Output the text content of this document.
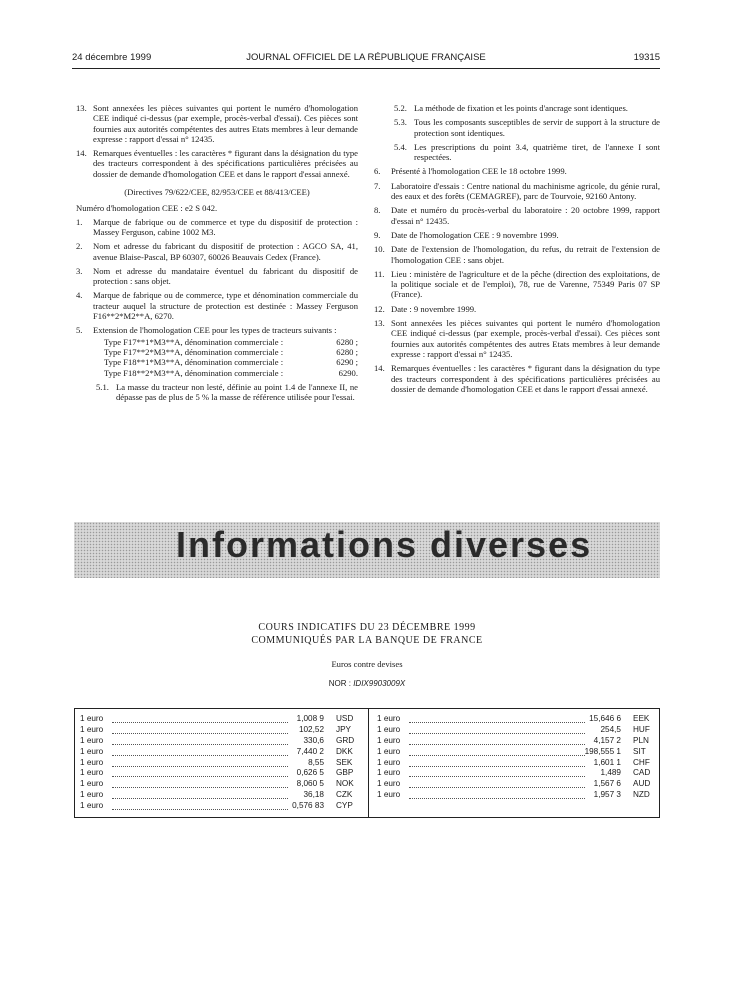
24 décembre 1999	JOURNAL OFFICIEL DE LA RÉPUBLIQUE FRANÇAISE	19315

13. Sont annexées les pièces suivantes qui portent le numéro d'homologation CEE indiqué ci-dessus (par exemple, procès-verbal d'essai). Ces pièces sont fournies aux autorités compétentes des autres Etats membres à leur demande expresse : rapport d'essai n° 12435.

14. Remarques éventuelles : les caractères * figurant dans la désignation du type des tracteurs correspondent à des spécifications particulières précisées au dossier de demande d'homologation CEE et dans le rapport d'essai annexé.

(Directives 79/622/CEE, 82/953/CEE et 88/413/CEE)

Numéro d'homologation CEE : e2 S 042.

1. Marque de fabrique ou de commerce et type du dispositif de protection : Massey Ferguson, cabine 1002 M3.

2. Nom et adresse du fabricant du dispositif de protection : AGCO SA, 41, avenue Blaise-Pascal, BP 60307, 60026 Beauvais Cedex (France).

3. Nom et adresse du mandataire éventuel du fabricant du dispositif de protection : sans objet.

4. Marque de fabrique ou de commerce, type et dénomination commerciale du tracteur auquel la structure de protection est destinée : Massey Ferguson F16**2*M2**A, 6270.

5. Extension de l'homologation CEE pour les types de tracteurs suivants :

Type F17**1*M3**A, dénomination commerciale :	6280 ;
Type F17**2*M3**A, dénomination commerciale :	6280 ;
Type F18**1*M3**A, dénomination commerciale :	6290 ;
Type F18**2*M3**A, dénomination commerciale :	6290.

5.1. La masse du tracteur non lesté, définie au point 1.4 de l'annexe II, ne dépasse pas de plus de 5 % la masse de référence utilisée pour l'essai.

5.2. La méthode de fixation et les points d'ancrage sont identiques.

5.3. Tous les composants susceptibles de servir de support à la structure de protection sont identiques.

5.4. Les prescriptions du point 3.4, quatrième tiret, de l'annexe I sont respectées.

6. Présenté à l'homologation CEE le 18 octobre 1999.

7. Laboratoire d'essais : Centre national du machinisme agricole, du génie rural, des eaux et des forêts (CEMAGREF), parc de Tourvoie, 92160 Antony.

8. Date et numéro du procès-verbal du laboratoire : 20 octobre 1999, rapport d'essai n° 12435.

9. Date de l'homologation CEE : 9 novembre 1999.

10. Date de l'extension de l'homologation, du refus, du retrait de l'extension de l'homologation CEE : sans objet.

11. Lieu : ministère de l'agriculture et de la pêche (direction des exploitations, de la politique sociale et de l'emploi), 78, rue de Varenne, 75349 Paris 07 SP (France).

12. Date : 9 novembre 1999.

13. Sont annexées les pièces suivantes qui portent le numéro d'homologation CEE indiqué ci-dessus (par exemple, procès-verbal d'essai). Ces pièces sont fournies aux autorités compétentes des autres Etats membres à leur demande expresse : rapport d'essai n° 12435.

14. Remarques éventuelles : les caractères * figurant dans la désignation du type des tracteurs correspondent à des spécifications particulières précisées au dossier de demande d'homologation CEE et dans le rapport d'essai annexé.

Informations diverses
COURS INDICATIFS DU 23 DÉCEMBRE 1999
COMMUNIQUÉS PAR LA BANQUE DE FRANCE
Euros contre devises
NOR : IDIX9903009X
1 euro	1,008 9 USD
1 euro	102,52 JPY
1 euro	330,6 GRD
1 euro	7,440 2 DKK
1 euro	8,55 SEK
1 euro	0,626 5 GBP
1 euro	8,060 5 NOK
1 euro	36,18 CZK
1 euro	0,576 83 CYP
1 euro	15,646 6 EEK
1 euro	254,5 HUF
1 euro	4,157 2 PLN
1 euro	198,555 1 SIT
1 euro	1,601 1 CHF
1 euro	1,489 CAD
1 euro	1,567 6 AUD
1 euro	1,957 3 NZD
